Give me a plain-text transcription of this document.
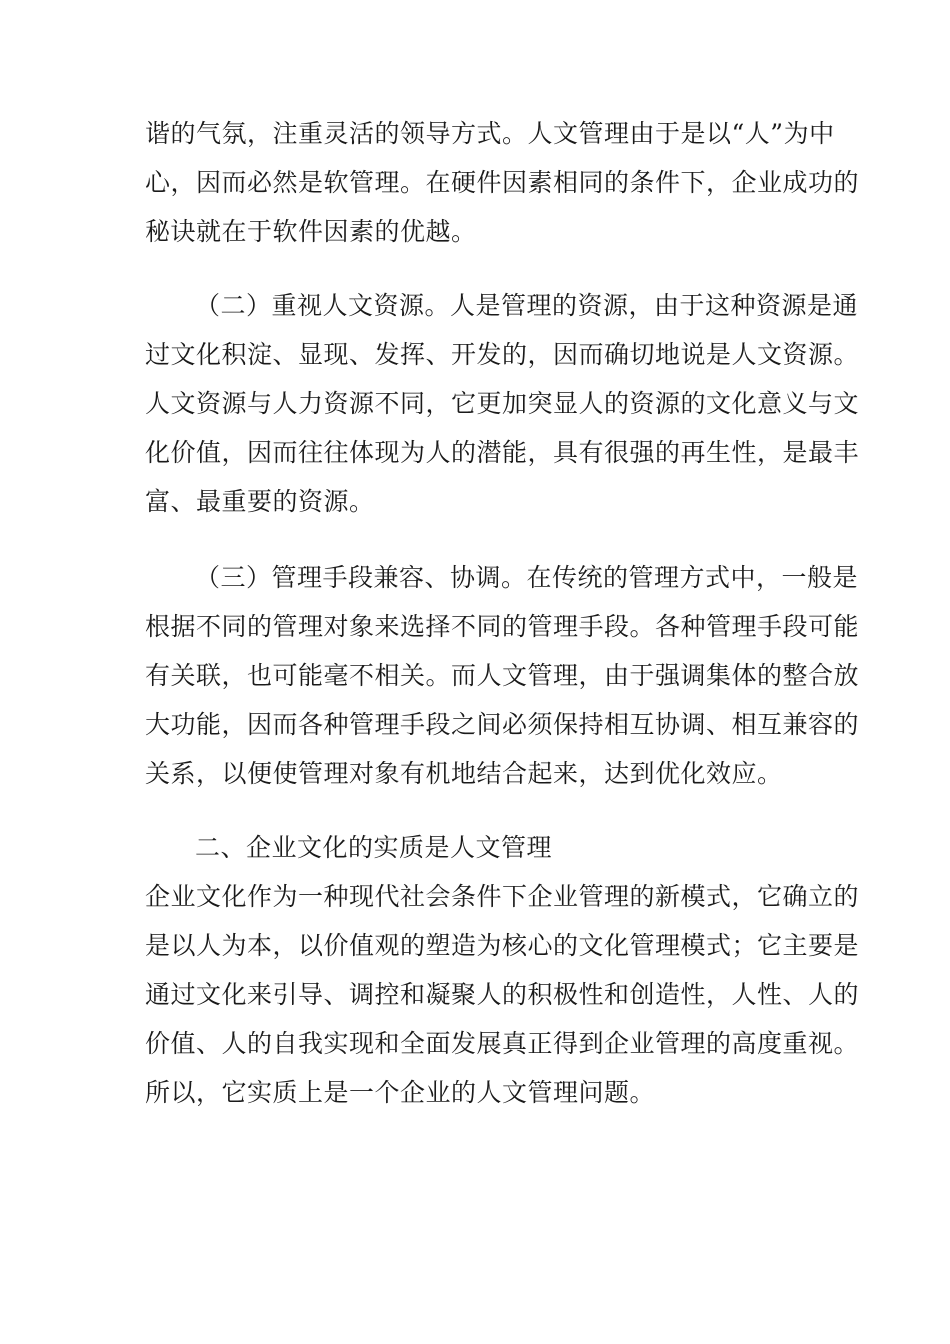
谐的气氛，注重灵活的领导方式。人文管理由于是以“人”为中
心，因而必然是软管理。在硬件因素相同的条件下，企业成功的
秘诀就在于软件因素的优越。
（二）重视人文资源。人是管理的资源，由于这种资源是通
过文化积淀、显现、发挥、开发的，因而确切地说是人文资源。
人文资源与人力资源不同，它更加突显人的资源的文化意义与文
化价值，因而往往体现为人的潜能，具有很强的再生性，是最丰
富、最重要的资源。
（三）管理手段兼容、协调。在传统的管理方式中，一般是
根据不同的管理对象来选择不同的管理手段。各种管理手段可能
有关联，也可能毫不相关。而人文管理，由于强调集体的整合放
大功能，因而各种管理手段之间必须保持相互协调、相互兼容的
关系，以便使管理对象有机地结合起来，达到优化效应。
二、企业文化的实质是人文管理
企业文化作为一种现代社会条件下企业管理的新模式，它确立的
是以人为本，以价值观的塑造为核心的文化管理模式；它主要是
通过文化来引导、调控和凝聚人的积极性和创造性，人性、人的
价值、人的自我实现和全面发展真正得到企业管理的高度重视。
所以，它实质上是一个企业的人文管理问题。
